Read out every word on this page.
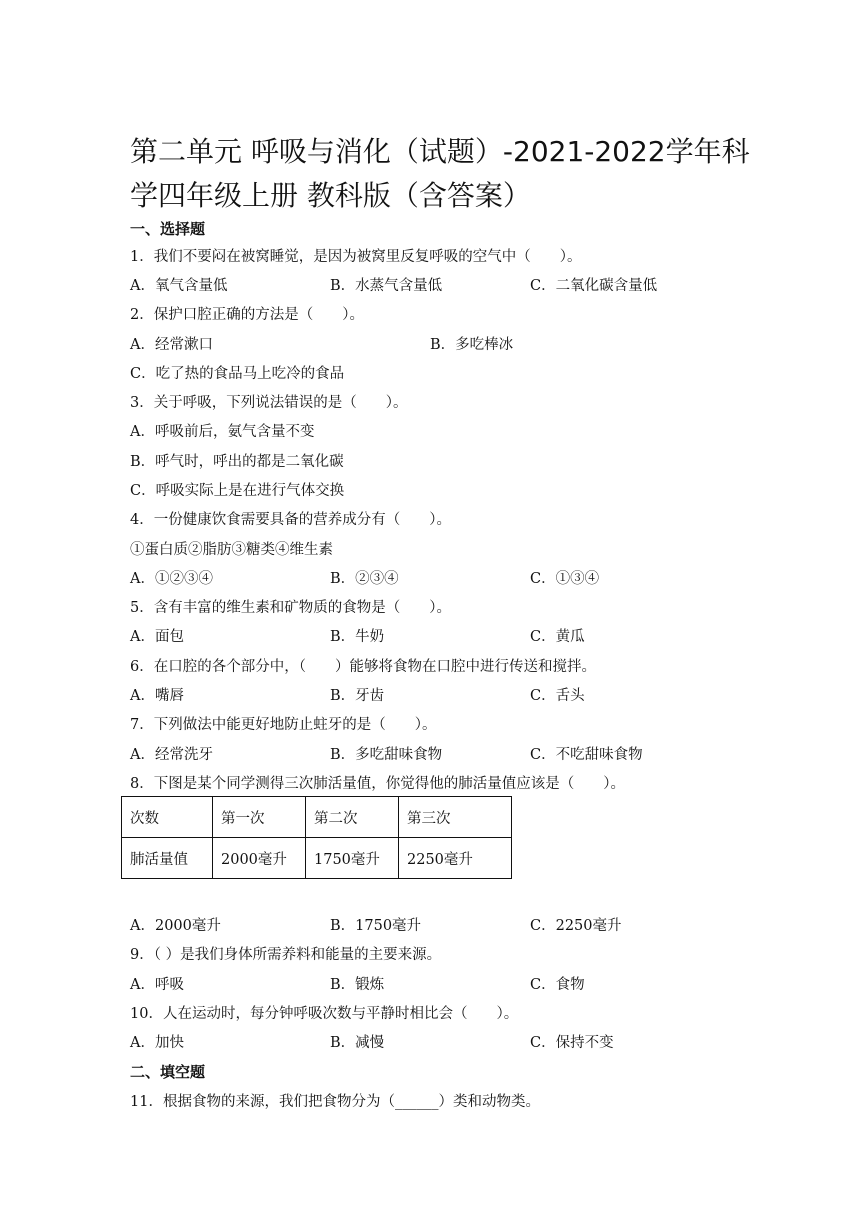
第二单元 呼吸与消化（试题）-2021-2022学年科学四年级上册 教科版（含答案）
一、选择题
1．我们不要闷在被窝睡觉，是因为被窝里反复呼吸的空气中（　　）。
A．氧气含量低	B．水蒸气含量低	C．二氧化碳含量低
2．保护口腔正确的方法是（　　）。
A．经常漱口	B．多吃棒冰
C．吃了热的食品马上吃冷的食品
3．关于呼吸，下列说法错误的是（　　）。
A．呼吸前后，氨气含量不变
B．呼气时，呼出的都是二氧化碳
C．呼吸实际上是在进行气体交换
4．一份健康饮食需要具备的营养成分有（　　）。
①蛋白质②脂肪③糖类④维生素
A．①②③④	B．②③④	C．①③④
5．含有丰富的维生素和矿物质的食物是（　　）。
A．面包	B．牛奶	C．黄瓜
6．在口腔的各个部分中，（　　）能够将食物在口腔中进行传送和搅拌。
A．嘴唇	B．牙齿	C．舌头
7．下列做法中能更好地防止蛀牙的是（　　）。
A．经常洗牙	B．多吃甜味食物	C．不吃甜味食物
8．下图是某个同学测得三次肺活量值，你觉得他的肺活量值应该是（　　）。
次数	第一次	第二次	第三次
肺活量值	2000毫升	1750毫升	2250毫升
A．2000毫升	B．1750毫升	C．2250毫升
9．（ ）是我们身体所需养料和能量的主要来源。
A．呼吸	B．锻炼	C．食物
10．人在运动时，每分钟呼吸次数与平静时相比会（　　）。
A．加快	B．减慢	C．保持不变
二、填空题
11．根据食物的来源，我们把食物分为（______）类和动物类。
